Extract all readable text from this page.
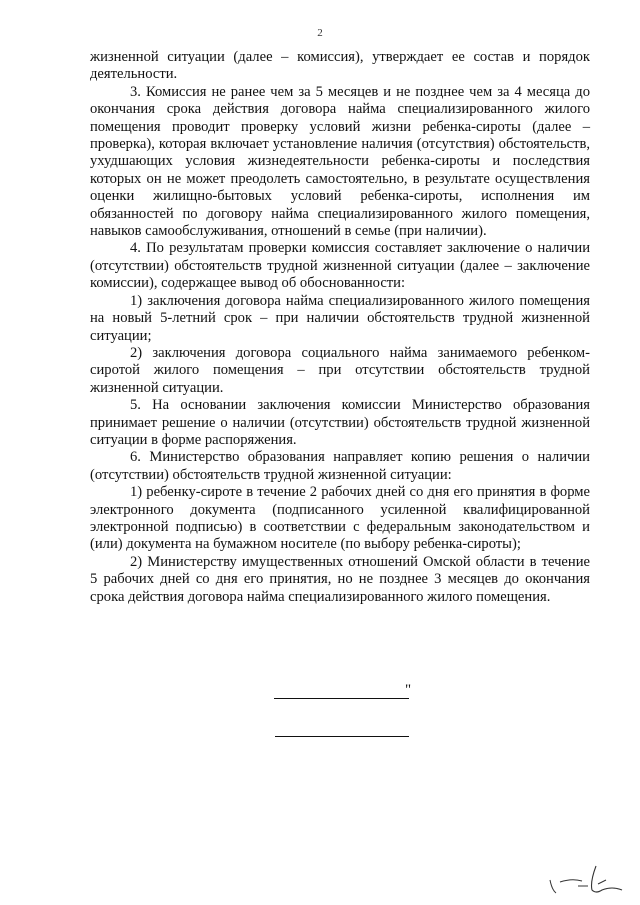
2

жизненной ситуации (далее – комиссия), утверждает ее состав и порядок деятельности.

3. Комиссия не ранее чем за 5 месяцев и не позднее чем за 4 месяца до окончания срока действия договора найма специализированного жилого помещения проводит проверку условий жизни ребенка-сироты (далее – проверка), которая включает установление наличия (отсутствия) обстоятельств, ухудшающих условия жизнедеятельности ребенка-сироты и последствия которых он не может преодолеть самостоятельно, в результате осуществления оценки жилищно-бытовых условий ребенка-сироты, исполнения им обязанностей по договору найма специализированного жилого помещения, навыков самообслуживания, отношений в семье (при наличии).

4. По результатам проверки комиссия составляет заключение о наличии (отсутствии) обстоятельств трудной жизненной ситуации (далее – заключение комиссии), содержащее вывод об обоснованности:

1) заключения договора найма специализированного жилого помещения на новый 5-летний срок – при наличии обстоятельств трудной жизненной ситуации;

2) заключения договора социального найма занимаемого ребенком-сиротой жилого помещения – при отсутствии обстоятельств трудной жизненной ситуации.

5. На основании заключения комиссии Министерство образования принимает решение о наличии (отсутствии) обстоятельств трудной жизненной ситуации в форме распоряжения.

6. Министерство образования направляет копию решения о наличии (отсутствии) обстоятельств трудной жизненной ситуации:

1) ребенку-сироте в течение 2 рабочих дней со дня его принятия в форме электронного документа (подписанного усиленной квалифицированной электронной подписью) в соответствии с федеральным законодательством и (или) документа на бумажном носителе (по выбору ребенка-сироты);

2) Министерству имущественных отношений Омской области в течение 5 рабочих дней со дня его принятия, но не позднее 3 месяцев до окончания срока действия договора найма специализированного жилого помещения.

"
